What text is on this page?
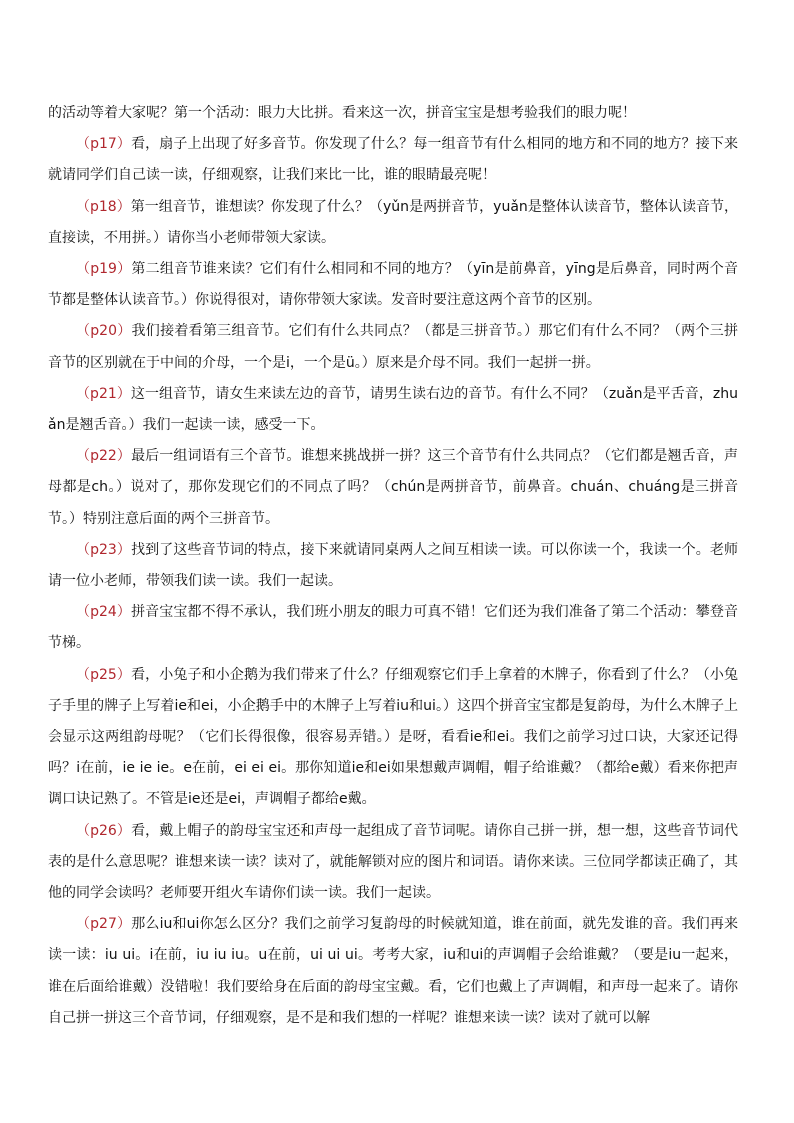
的活动等着大家呢？第一个活动：眼力大比拼。看来这一次，拼音宝宝是想考验我们的眼力呢！

（p17）看，扇子上出现了好多音节。你发现了什么？每一组音节有什么相同的地方和不同的地方？接下来就请同学们自己读一读，仔细观察，让我们来比一比，谁的眼睛最亮呢！

（p18）第一组音节，谁想读？你发现了什么？（yǔn是两拼音节，yuǎn是整体认读音节，整体认读音节，直接读，不用拼。）请你当小老师带领大家读。

（p19）第二组音节谁来读？它们有什么相同和不同的地方？（yīn是前鼻音，yīng是后鼻音，同时两个音节都是整体认读音节。）你说得很对，请你带领大家读。发音时要注意这两个音节的区别。

（p20）我们接着看第三组音节。它们有什么共同点？（都是三拼音节。）那它们有什么不同？（两个三拼音节的区别就在于中间的介母，一个是i，一个是ü。）原来是介母不同。我们一起拼一拼。

（p21）这一组音节，请女生来读左边的音节，请男生读右边的音节。有什么不同？（zuǎn是平舌音，zhuǎn是翘舌音。）我们一起读一读，感受一下。

（p22）最后一组词语有三个音节。谁想来挑战拼一拼？这三个音节有什么共同点？（它们都是翘舌音，声母都是ch。）说对了，那你发现它们的不同点了吗？（chún是两拼音节，前鼻音。chuán、chuáng是三拼音节。）特别注意后面的两个三拼音节。

（p23）找到了这些音节词的特点，接下来就请同桌两人之间互相读一读。可以你读一个，我读一个。老师请一位小老师，带领我们读一读。我们一起读。

（p24）拼音宝宝都不得不承认，我们班小朋友的眼力可真不错！它们还为我们准备了第二个活动：攀登音节梯。

（p25）看，小兔子和小企鹅为我们带来了什么？仔细观察它们手上拿着的木牌子，你看到了什么？（小兔子手里的牌子上写着ie和ei，小企鹅手中的木牌子上写着iu和ui。）这四个拼音宝宝都是复韵母，为什么木牌子上会显示这两组韵母呢？（它们长得很像，很容易弄错。）是呀，看看ie和ei。我们之前学习过口诀，大家还记得吗？i在前，ie ie ie。e在前，ei ei ei。那你知道ie和ei如果想戴声调帽，帽子给谁戴？（都给e戴）看来你把声调口诀记熟了。不管是ie还是ei，声调帽子都给e戴。

（p26）看，戴上帽子的韵母宝宝还和声母一起组成了音节词呢。请你自己拼一拼，想一想，这些音节词代表的是什么意思呢？谁想来读一读？读对了，就能解锁对应的图片和词语。请你来读。三位同学都读正确了，其他的同学会读吗？老师要开组火车请你们读一读。我们一起读。

（p27）那么iu和ui你怎么区分？我们之前学习复韵母的时候就知道，谁在前面，就先发谁的音。我们再来读一读：iu ui。i在前，iu iu iu。u在前，ui ui ui。考考大家，iu和ui的声调帽子会给谁戴？（要是iu一起来，谁在后面给谁戴）没错啦！我们要给身在后面的韵母宝宝戴。看，它们也戴上了声调帽，和声母一起来了。请你自己拼一拼这三个音节词，仔细观察，是不是和我们想的一样呢？谁想来读一读？读对了就可以解
